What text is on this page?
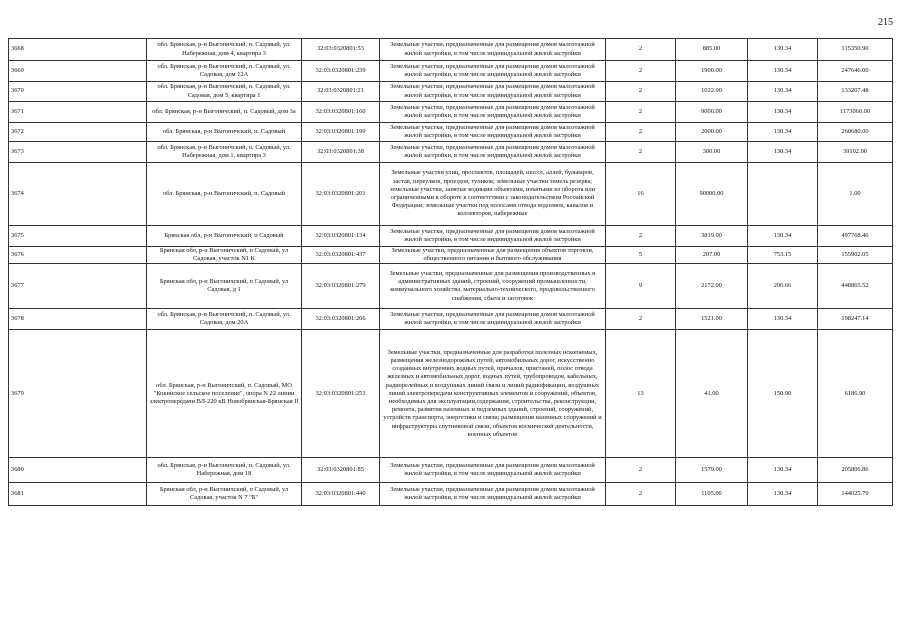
215
3668	обл. Брянская, р-н Выгоничский, п. Садовый, ул. Набережная, дом 4, квартира 3	32:03:0320801:53	Земельные участки, предназначенные для размещения домов малоэтажной жилой застройки, в том числе индивидуальной жилой застройки	2	885.00	130.34	115350.90
3669	обл. Брянская, р-н Выгоничский, п. Садовый, ул. Садовая, дом 12А	32:03:0320801:239	Земельные участки, предназначенные для размещения домов малоэтажной жилой застройки, в том числе индивидуальной жилой застройки	2	1900.00	130.34	247646.00
3670	обл. Брянская, р-н Выгоничский, п. Садовый, ул. Садовая, дом 5, квартира 1	32:03:0320801:21	Земельные участки, предназначенные для размещения домов малоэтажной жилой застройки, в том числе индивидуальной жилой застройки	2	1022.00	130.34	133207.48
3671	обл. Брянская, р-н Выгоничский, п. Садовый, дом 3а	32:03:0320801:160	Земельные участки, предназначенные для размещения домов малоэтажной жилой застройки, в том числе индивидуальной жилой застройки	2	9000.00	130.34	1173060.00
3672	обл. Брянская, р-н Выгоничский, п. Садовый	32:03:0320801:199	Земельные участки, предназначенные для размещения домов малоэтажной жилой застройки, в том числе индивидуальной жилой застройки	2	2000.00	130.34	260680.00
3673	обл. Брянская, р-н Выгоничский, п. Садовый, ул. Набережная, дом 1, квартира 3	32:03:0320801:38	Земельные участки, предназначенные для размещения домов малоэтажной жилой застройки, в том числе индивидуальной жилой застройки	2	300.00	130.34	39102.00
3674	обл. Брянская, р-н Выгоничский, п. Садовый	32:03:0320801:201	Земельные участки улиц, проспектов, площадей, шоссе, аллей, бульваров, застав, переулков, проездов, тупиков; земельные участки земель резерва; земельные участки, занятые водными объектами, изъятыми из оборота или ограниченными в обороте в соответствии с законодательством Российской Федерации; земельные участки под полосами отвода водоемов, каналов и коллекторов, набережные	16	90000.00		1.00
3675	Брянская обл, р-н Выгоничский, п Садовый	32:03:0320801:134	Земельные участки, предназначенные для размещения домов малоэтажной жилой застройки, в том числе индивидуальной жилой застройки	2	3819.00	130.34	497768.46
3676	Брянская обл, р-н Выгоничский, п Садовый, ул Садовая, участок N1 К	32:03:0320801:437	Земельные участки, предназначенные для размещения объектов торговли, общественного питания и бытового обслуживания	5	207.00	753.15	155902.05
3677	Брянская обл, р-н Выгоничский, п Садовый, ул Садовая, д 1	32:03:0320801:279	Земельные участки, предназначенные для размещения производственных и административных зданий, строений, сооружений промышленности, коммунального хозяйства, материально-технического, продовольственного снабжения, сбыта и заготовок	9	2172.00	206.66	448865.52
3678	обл. Брянская, р-н Выгоничский, п. Садовый, ул. Садовая, дом 20А	32:03:0320801:266	Земельные участки, предназначенные для размещения домов малоэтажной жилой застройки, в том числе индивидуальной жилой застройки	2	1521.00	130.34	198247.14
3679	обл. Брянская, р-н Выгоничский, п. Садовый, МО "Кокинское сельское поселение", опора N 22 линии электропередачи ВЛ-220 кВ Новобрянская-Брянская II	32:03:0320801:253	Земельные участки, предназначенные для разработки полезных ископаемых, размещения железнодорожных путей, автомобильных дорог, искусственно созданных внутренних водных путей, причалов, пристаней, полос отвода железных и автомобильных дорог, водных путей, трубопроводов, кабельных, радиорелейных и воздушных линий связи и линий радиофикации, воздушных линий электропередачи конструктивных элементов и сооружений, объектов, необходимых для эксплуатации,содержания, строительства, реконструкции, ремонта, развития наземных и подземных зданий, строений, сооружений, устройств транспорта, энергетики и связи; размещения наземных сооружений и инфраструктуры спутниковой связи, объектов космической деятельности, военных объектов	13	41.00	150.90	6186.90
3680	обл. Брянская, р-н Выгоничский, п. Садовый, ул. Набережная, дом 18	32:03:0320801:85	Земельные участки, предназначенные для размещения домов малоэтажной жилой застройки, в том числе индивидуальной жилой застройки	2	1579.00	130.34	205806.86
3681	Брянская обл, р-н Выгоничский, п Садовый, ул Садовая, участок N 7 "Б"	32:03:0320801:440	Земельные участки, предназначенные для размещения домов малоэтажной жилой застройки, в том числе индивидуальной жилой застройки	2	1105.00	130.34	144025.70
